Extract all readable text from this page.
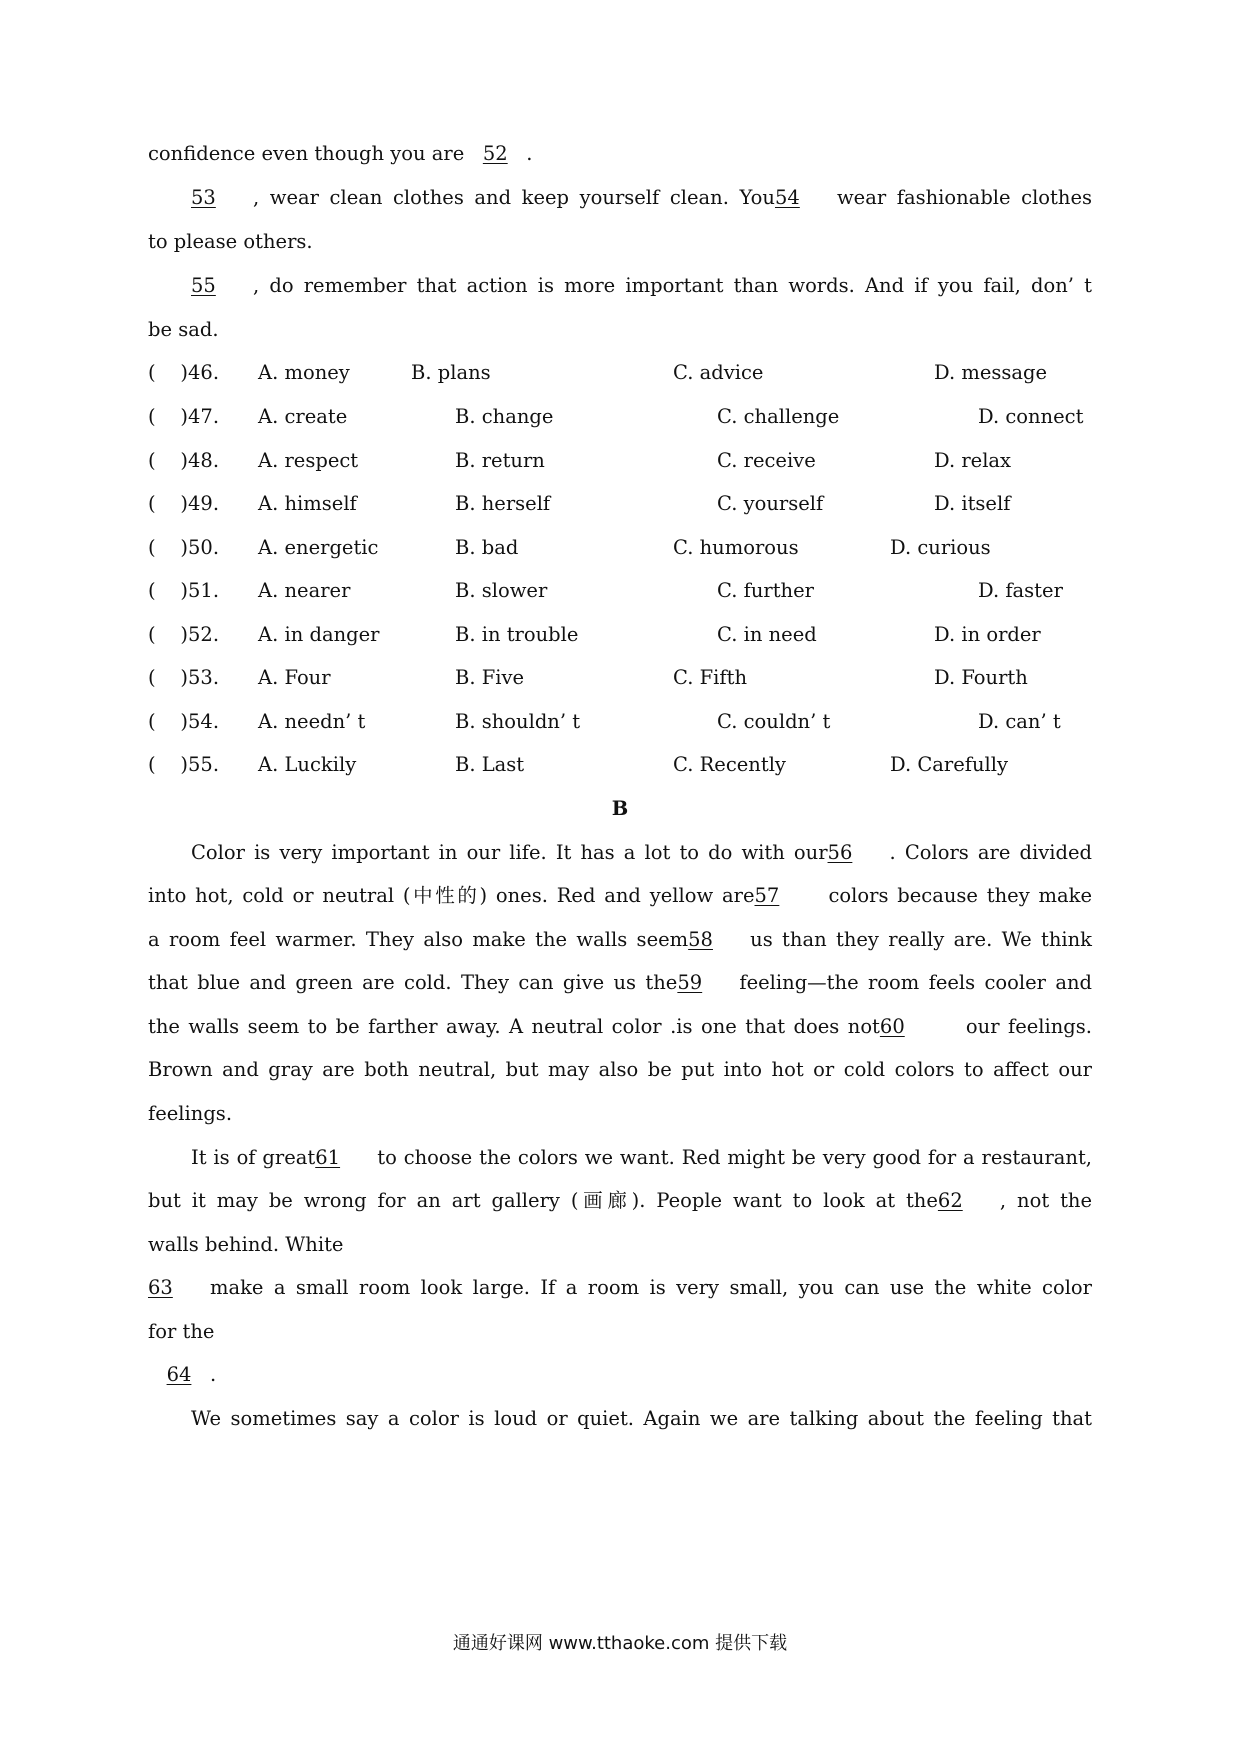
confidence even though you are 52 .
53 , wear clean clothes and keep yourself clean. You54 wear fashionable clothes
to please others.
55 , do remember that action is more important than words. And if you fail, don’ t
be sad.
(    )46. A. money	B. plans	C. advice	D. message
(    )47. A. create	B. change	C. challenge	D. connect
(    )48. A. respect	B. return	C. receive	D. relax
(    )49. A. himself	B. herself	C. yourself	D. itself
(    )50. A. energetic	B. bad	C. humorous	D. curious
(    )51. A. nearer	B. slower	C. further	D. faster
(    )52. A. in danger	B. in trouble	C. in need	D. in order
(    )53. A. Four	B. Five	C. Fifth	D. Fourth
(    )54. A. needn’ t	B. shouldn’ t	C. couldn’ t	D. can’ t
(    )55. A. Luckily	B. Last	C. Recently	D. Carefully
B
Color is very important in our life. It has a lot to do with our56 . Colors are divided
into hot, cold or neutral (中性的) ones. Red and yellow are57	colors because they make
a room feel warmer. They also make the walls seem58 us than they really are. We think
that blue and green are cold. They can give us the59 feeling—the room feels cooler and
the walls seem to be farther away. A neutral color .is one that does not60	our feelings.
Brown and gray are both neutral, but may also be put into hot or cold colors to affect our
feelings.
It is of great61 to choose the colors we want. Red might be very good for a restaurant,
but it may be wrong for an art gallery (画廊). People want to look at the62 , not the
walls behind. White
63 make a small room look large. If a room is very small, you can use the white color
for the
64 .
We sometimes say a color is loud or quiet. Again we are talking about the feeling that
通通好课网 www.tthaoke.com 提供下载
